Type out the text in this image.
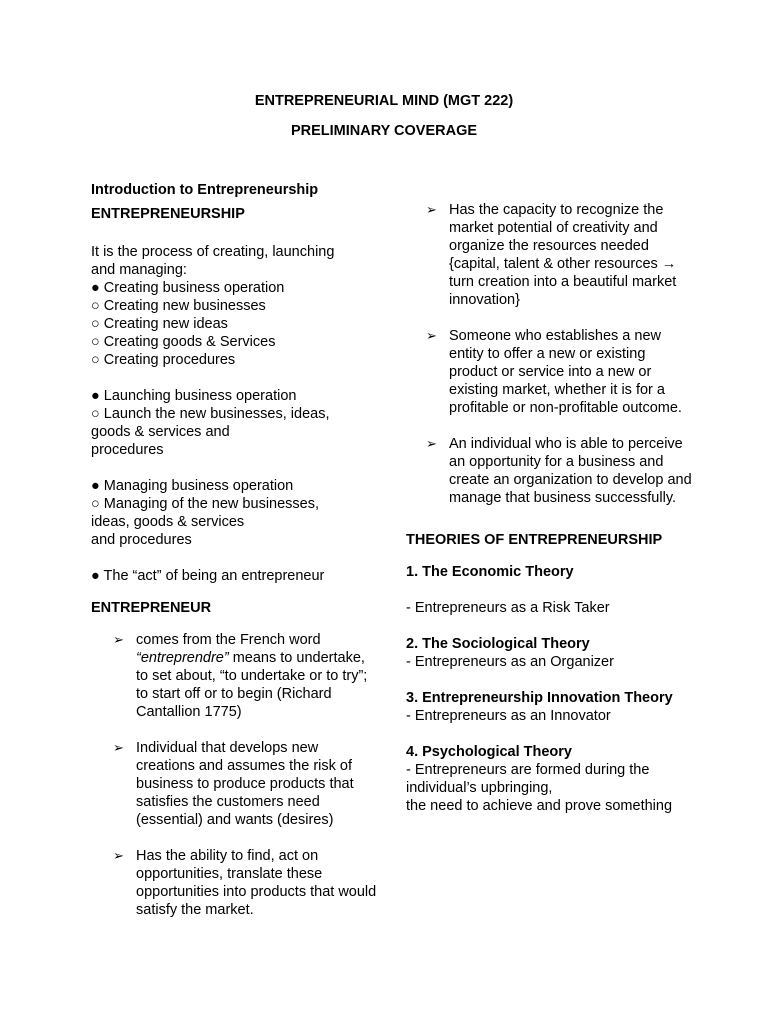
ENTREPRENEURIAL MIND (MGT 222)
PRELIMINARY COVERAGE

Introduction to Entrepreneurship

ENTREPRENEURSHIP

It is the process of creating, launching
and managing:
● Creating business operation
○ Creating new businesses
○ Creating new ideas
○ Creating goods & Services
○ Creating procedures

● Launching business operation
○ Launch the new businesses, ideas,
goods & services and
procedures

● Managing business operation
○ Managing of the new businesses,
ideas, goods & services
and procedures

● The “act” of being an entrepreneur

ENTREPRENEUR

➢ comes from the French word “entreprendre” means to undertake, to set about, “to undertake or to try”; to start off or to begin (Richard Cantallion 1775)
➢ Individual that develops new creations and assumes the risk of business to produce products that satisfies the customers need (essential) and wants (desires)
➢ Has the ability to find, act on opportunities, translate these opportunities into products that would satisfy the market.
➢ Has the capacity to recognize the market potential of creativity and organize the resources needed {capital, talent & other resources → turn creation into a beautiful market innovation}
➢ Someone who establishes a new entity to offer a new or existing product or service into a new or existing market, whether it is for a profitable or non-profitable outcome.
➢ An individual who is able to perceive an opportunity for a business and create an organization to develop and manage that business successfully.

THEORIES OF ENTREPRENEURSHIP

1. The Economic Theory

- Entrepreneurs as a Risk Taker

2. The Sociological Theory

- Entrepreneurs as an Organizer

3. Entrepreneurship Innovation Theory

- Entrepreneurs as an Innovator

4. Psychological Theory

- Entrepreneurs are formed during the individual’s upbringing,

the need to achieve and prove something
